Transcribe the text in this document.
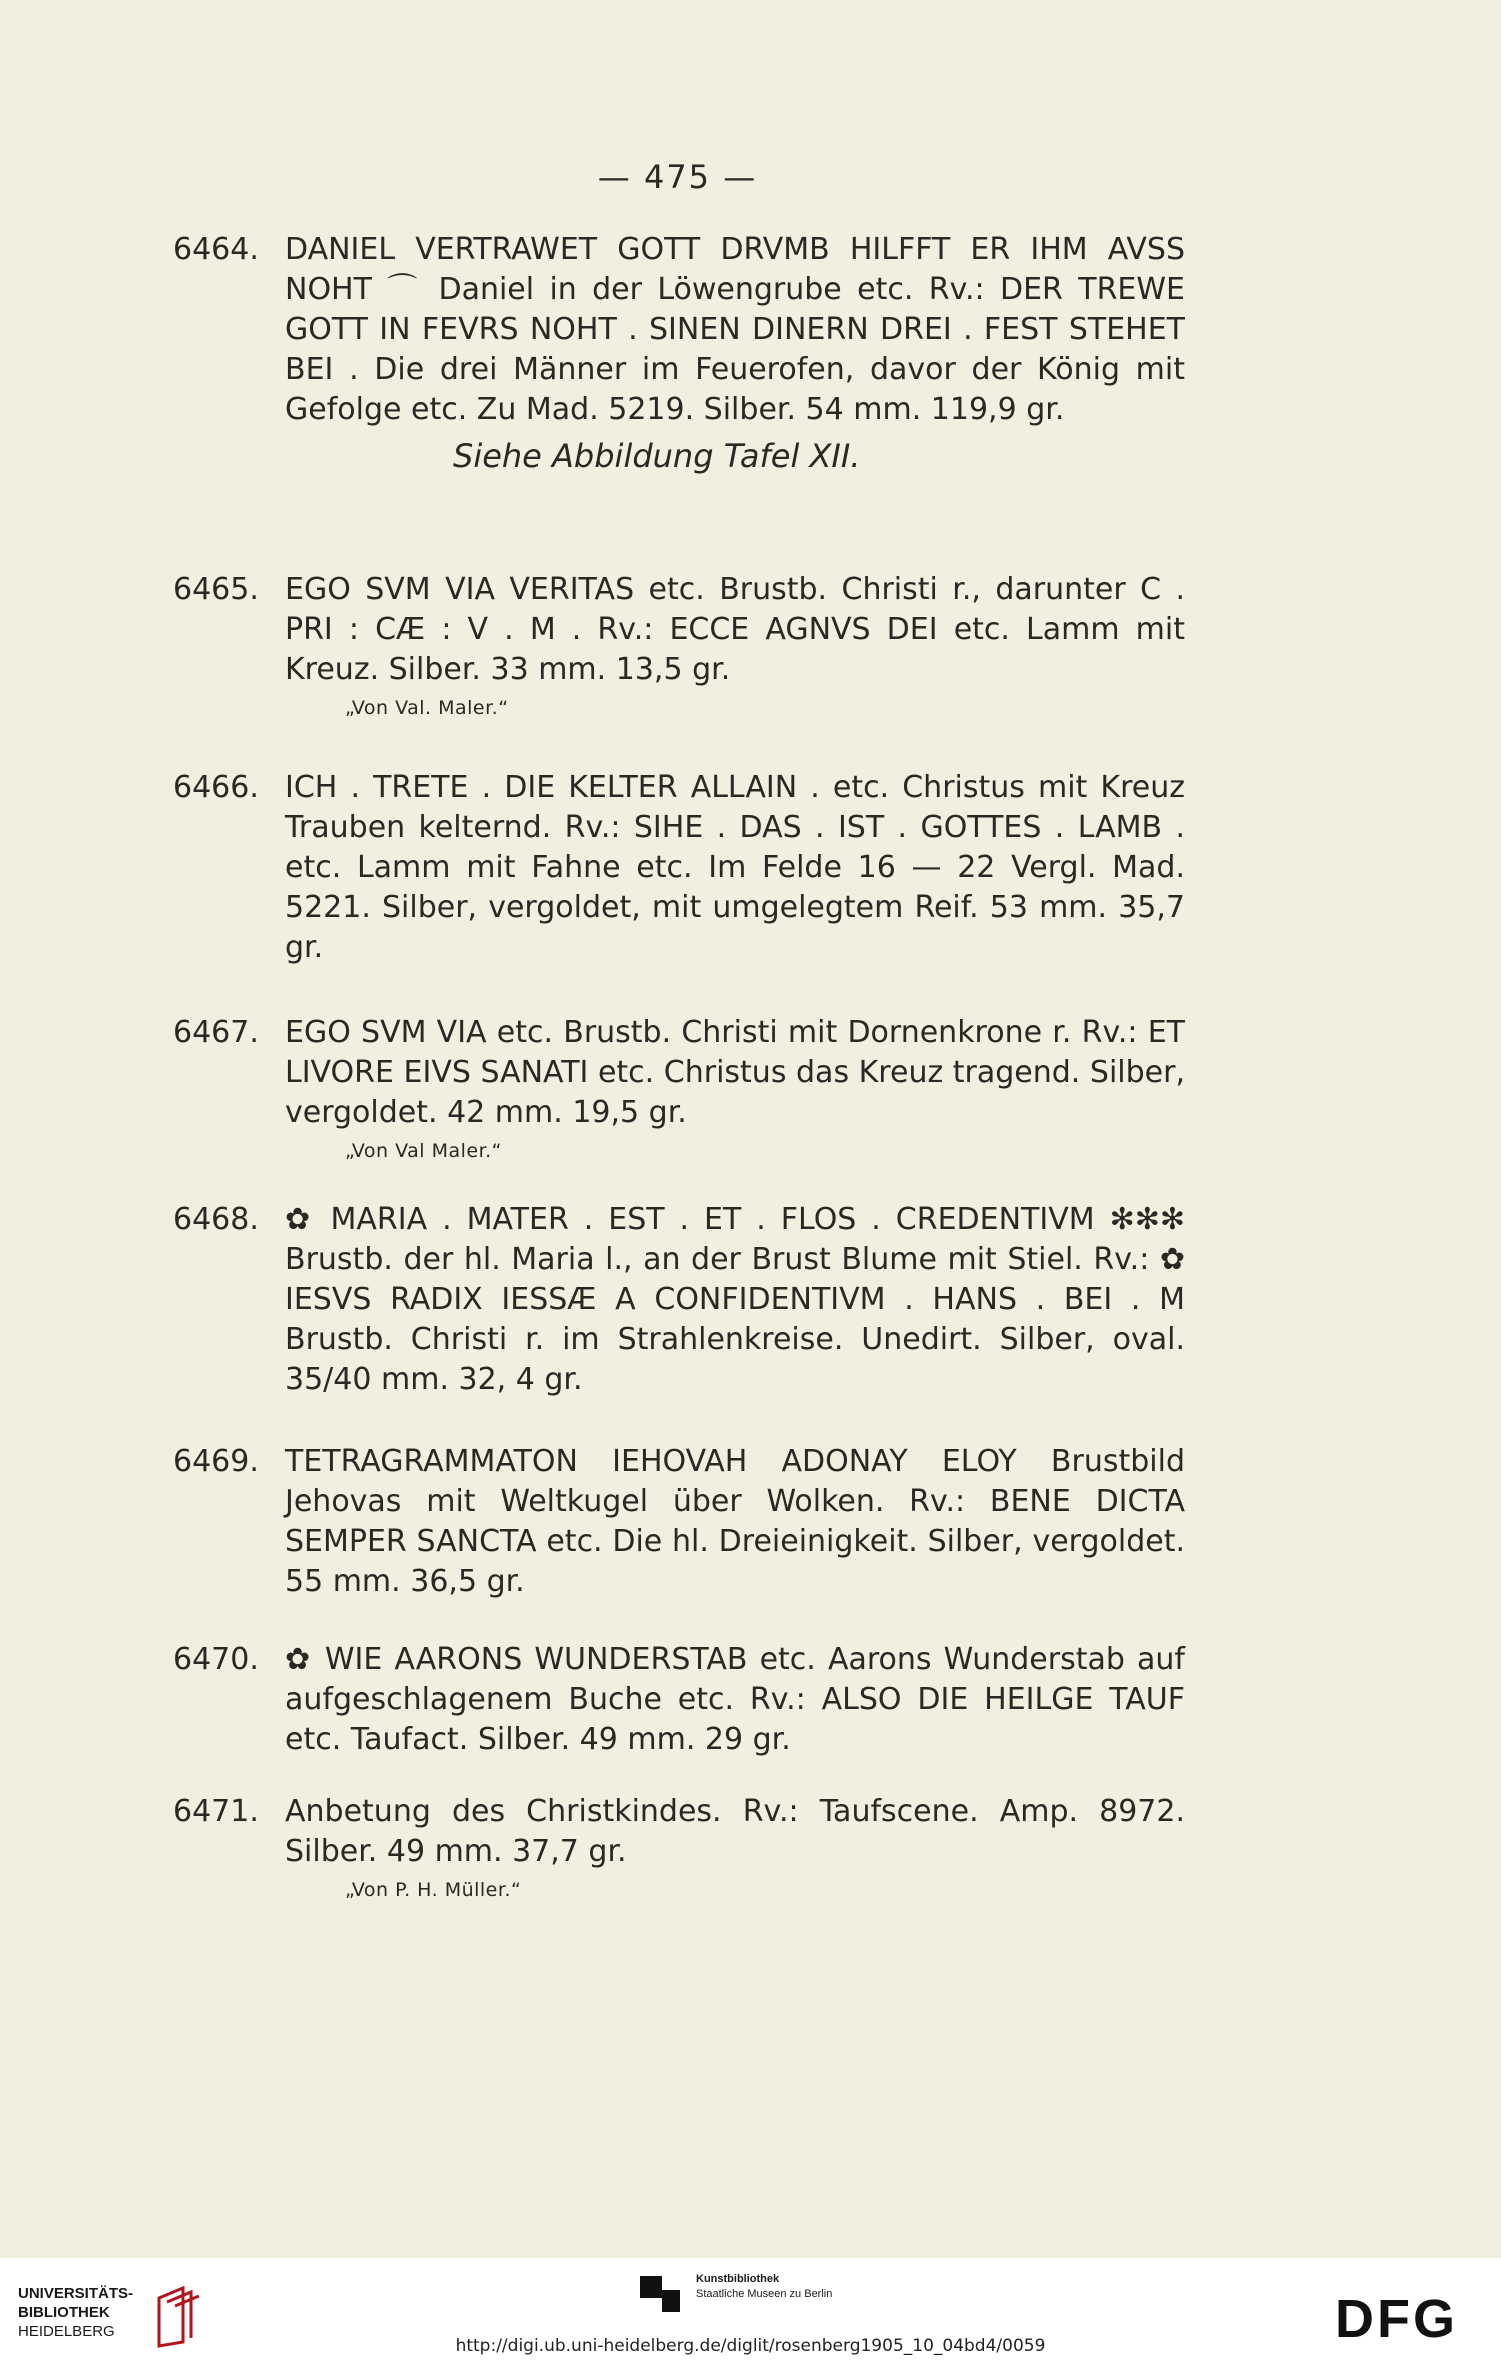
— 475 —
6464. DANIEL VERTRAWET GOTT DRVMB HILFFT ER IHM AVSS NOHT ⌒ Daniel in der Löwengrube etc. Rv.: DER TREWE GOTT IN FEVRS NOHT . SINEN DINERN DREI . FEST STEHET BEI . Die drei Männer im Feuerofen, davor der König mit Gefolge etc. Zu Mad. 5219. Silber. 54 mm. 119,9 gr.
Siehe Abbildung Tafel XII.
6465. EGO SVM VIA VERITAS etc. Brustb. Christi r., darunter C . PRI : CÆ : V . M . Rv.: ECCE AGNVS DEI etc. Lamm mit Kreuz. Silber. 33 mm. 13,5 gr.
„Von Val. Maler.“
6466. ICH . TRETE . DIE KELTER ALLAIN . etc. Christus mit Kreuz Trauben kelternd. Rv.: SIHE . DAS . IST . GOTTES . LAMB . etc. Lamm mit Fahne etc. Im Felde 16 — 22 Vergl. Mad. 5221. Silber, vergoldet, mit umgelegtem Reif. 53 mm. 35,7 gr.
6467. EGO SVM VIA etc. Brustb. Christi mit Dornenkrone r. Rv.: ET LIVORE EIVS SANATI etc. Christus das Kreuz tragend. Silber, vergoldet. 42 mm. 19,5 gr.
„Von Val Maler.“
6468. ✿ MARIA . MATER . EST . ET . FLOS . CREDENTIVM ✻✻✻ Brustb. der hl. Maria l., an der Brust Blume mit Stiel. Rv.: ✿ IESVS RADIX IESSÆ A CONFIDENTIVM . HANS . BEI . M Brustb. Christi r. im Strahlenkreise. Unedirt. Silber, oval. 35/40 mm. 32, 4 gr.
6469. TETRAGRAMMATON IEHOVAH ADONAY ELOY Brustbild Jehovas mit Weltkugel über Wolken. Rv.: BENE DICTA SEMPER SANCTA etc. Die hl. Dreieinigkeit. Silber, vergoldet. 55 mm. 36,5 gr.
6470. ✿ WIE AARONS WUNDERSTAB etc. Aarons Wunderstab auf aufgeschlagenem Buche etc. Rv.: ALSO DIE HEILGE TAUF etc. Taufact. Silber. 49 mm. 29 gr.
6471. Anbetung des Christkindes. Rv.: Taufscene. Amp. 8972. Silber. 49 mm. 37,7 gr.
„Von P. H. Müller.“
UNIVERSITÄTS-
BIBLIOTHEK
HEIDELBERG
Kunstbibliothek
Staatliche Museen zu Berlin	DFG
http://digi.ub.uni-heidelberg.de/diglit/rosenberg1905_10_04bd4/0059
